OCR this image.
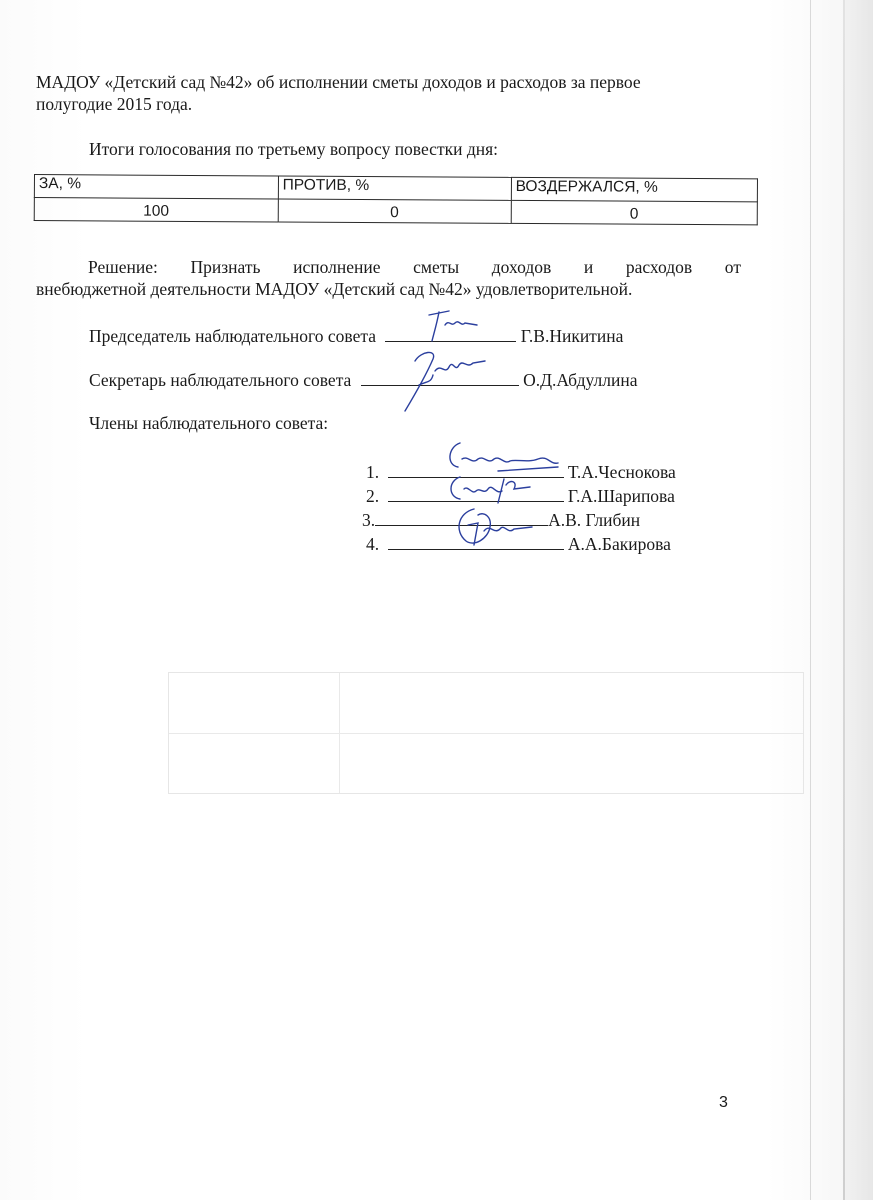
МАДОУ «Детский сад №42» об исполнении сметы доходов и расходов за первое
полугодие 2015 года.
Итоги голосования по третьему вопросу повестки дня:
ЗА, %	ПРОТИВ, %	ВОЗДЕРЖАЛСЯ, %
100	0	0
Решение: Признать исполнение сметы доходов и расходов от
внебюджетной деятельности МАДОУ «Детский сад №42» удовлетворительной.
Председатель наблюдательного совета	Г.В.Никитина
Секретарь наблюдательного совета	О.Д.Абдуллина
Члены наблюдательного совета:
1.	Т.А.Чеснокова
2.	Г.А.Шарипова
3.	А.В. Глибин
4.	А.А.Бакирова
3
